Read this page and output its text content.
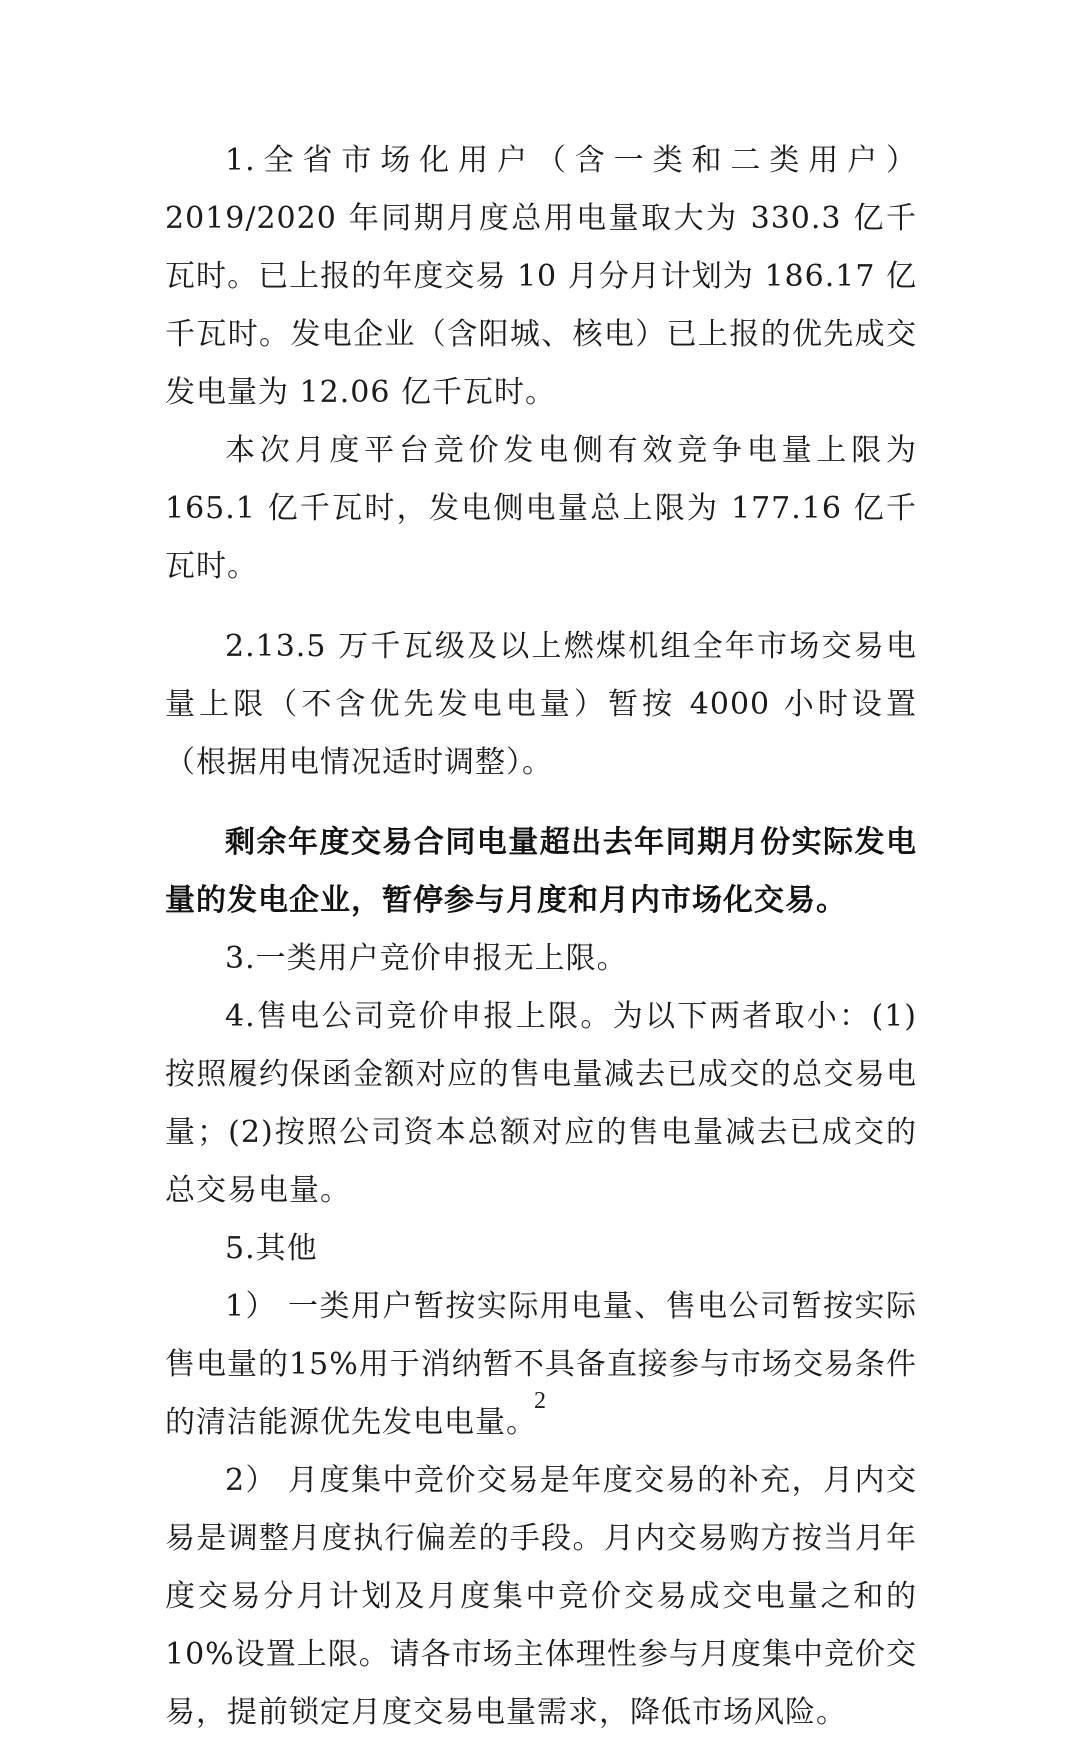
1.全省市场化用户（含一类和二类用户）2019/2020 年同期月度总用电量取大为 330.3 亿千瓦时。已上报的年度交易 10 月分月计划为 186.17 亿千瓦时。发电企业（含阳城、核电）已上报的优先成交发电量为 12.06 亿千瓦时。

本次月度平台竞价发电侧有效竞争电量上限为 165.1 亿千瓦时，发电侧电量总上限为 177.16 亿千瓦时。

2.13.5 万千瓦级及以上燃煤机组全年市场交易电量上限（不含优先发电电量）暂按 4000 小时设置（根据用电情况适时调整）。

剩余年度交易合同电量超出去年同期月份实际发电量的发电企业，暂停参与月度和月内市场化交易。

3.一类用户竞价申报无上限。

4.售电公司竞价申报上限。为以下两者取小：(1)按照履约保函金额对应的售电量减去已成交的总交易电量；(2)按照公司资本总额对应的售电量减去已成交的总交易电量。

5.其他

1） 一类用户暂按实际用电量、售电公司暂按实际售电量的15%用于消纳暂不具备直接参与市场交易条件的清洁能源优先发电电量。

2） 月度集中竞价交易是年度交易的补充，月内交易是调整月度执行偏差的手段。月内交易购方按当月年度交易分月计划及月度集中竞价交易成交电量之和的 10%设置上限。请各市场主体理性参与月度集中竞价交易，提前锁定月度交易电量需求，降低市场风险。

2
